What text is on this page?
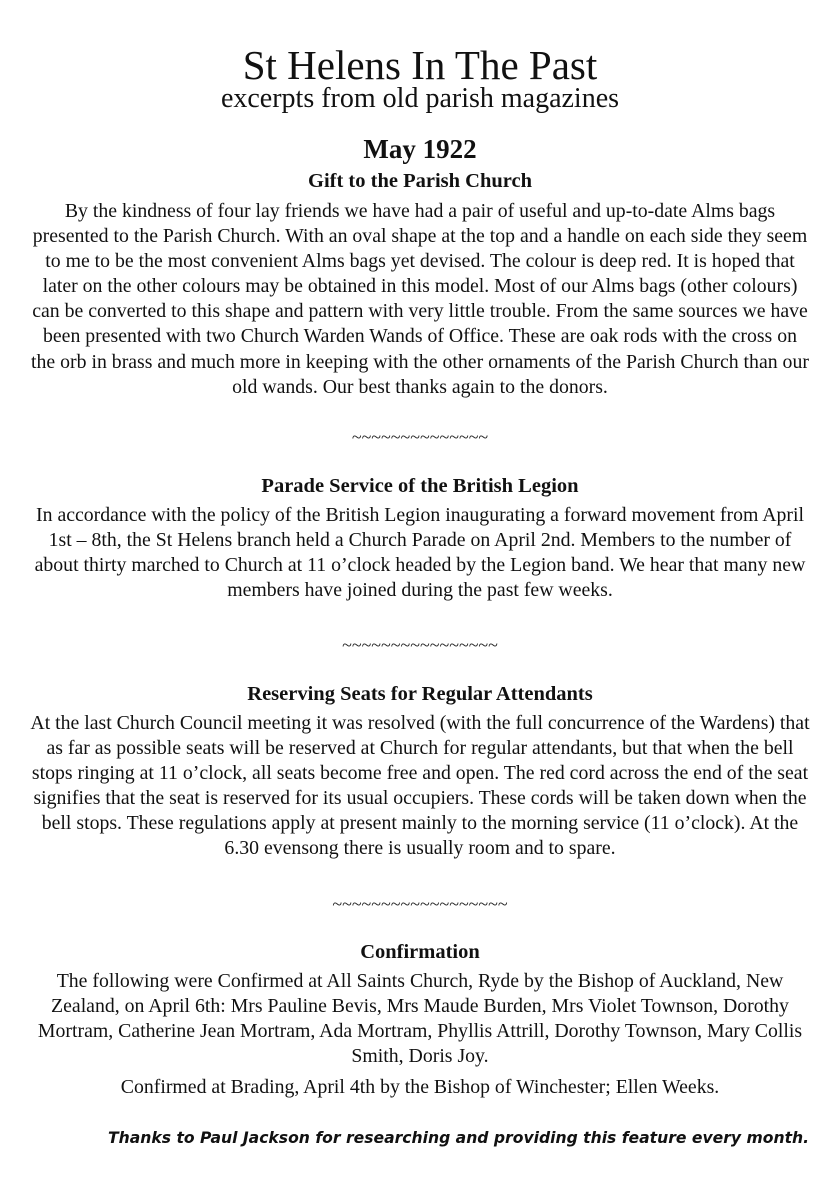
St Helens In The Past
excerpts from old parish magazines
May 1922
Gift to the Parish Church

By the kindness of four lay friends we have had a pair of useful and up-to-date Alms bags presented to the Parish Church. With an oval shape at the top and a handle on each side they seem to me to be the most convenient Alms bags yet devised. The colour is deep red. It is hoped that later on the other colours may be obtained in this model. Most of our Alms bags (other colours) can be converted to this shape and pattern with very little trouble. From the same sources we have been presented with two Church Warden Wands of Office. These are oak rods with the cross on the orb in brass and much more in keeping with the other ornaments of the Parish Church than our old wands. Our best thanks again to the donors.

~~~~~~~~~~~~~~
Parade Service of the British Legion

In accordance with the policy of the British Legion inaugurating a forward movement from April 1st – 8th, the St Helens branch held a Church Parade on April 2nd. Members to the number of about thirty marched to Church at 11 o’clock headed by the Legion band. We hear that many new members have joined during the past few weeks.

~~~~~~~~~~~~~~~~
Reserving Seats for Regular Attendants

At the last Church Council meeting it was resolved (with the full concurrence of the Wardens) that as far as possible seats will be reserved at Church for regular attendants, but that when the bell stops ringing at 11 o’clock, all seats become free and open. The red cord across the end of the seat signifies that the seat is reserved for its usual occupiers. These cords will be taken down when the bell stops. These regulations apply at present mainly to the morning service (11 o’clock). At the 6.30 evensong there is usually room and to spare.

~~~~~~~~~~~~~~~~~~
Confirmation

The following were Confirmed at All Saints Church, Ryde by the Bishop of Auckland, New Zealand, on April 6th: Mrs Pauline Bevis, Mrs Maude Burden, Mrs Violet Townson, Dorothy Mortram, Catherine Jean Mortram, Ada Mortram, Phyllis Attrill, Dorothy Townson, Mary Collis Smith, Doris Joy.

Confirmed at Brading, April 4th by the Bishop of Winchester; Ellen Weeks.

Thanks to Paul Jackson for researching and providing this feature every month.
